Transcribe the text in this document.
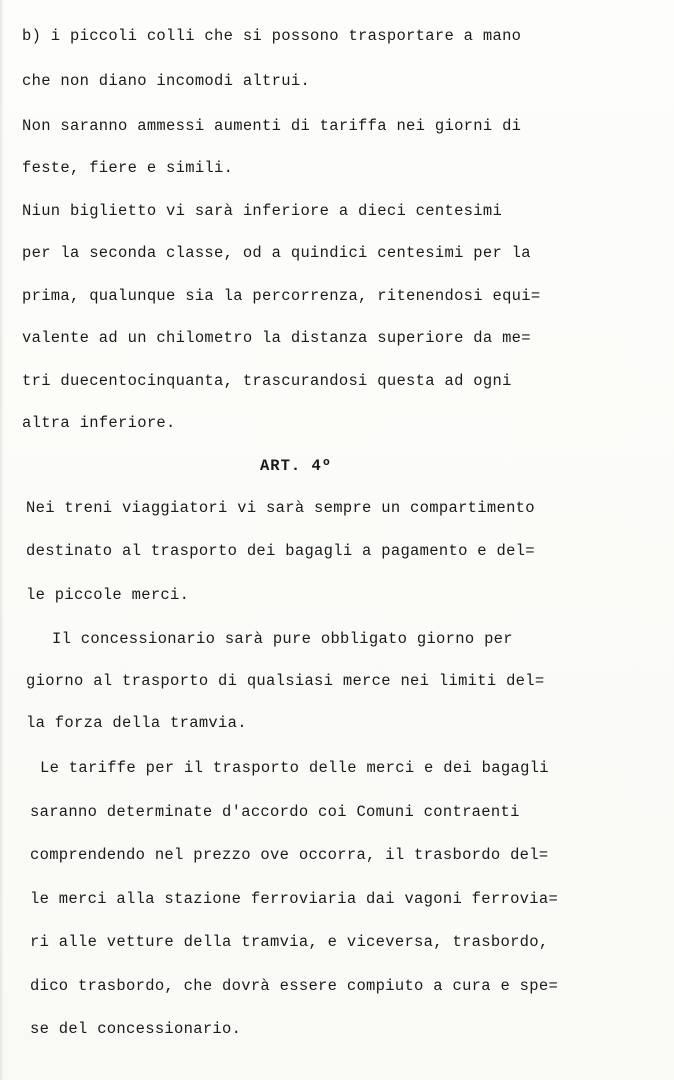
b) i piccoli colli che si possono trasportare a mano
che non diano incomodi altrui.
Non saranno ammessi aumenti di tariffa nei giorni di
feste, fiere e simili.
Niun biglietto vi sarà inferiore a dieci centesimi
per la seconda classe, od a quindici centesimi per la
prima, qualunque sia la percorrenza, ritenendosi equi=
valente ad un chilometro la distanza superiore da me=
tri duecentocinquanta, trascurandosi questa ad ogni
altra inferiore.
ART. 4º
Nei treni viaggiatori vi sarà sempre un compartimento
destinato al trasporto dei bagagli a pagamento e del=
le piccole merci.
Il concessionario sarà pure obbligato giorno per
giorno al trasporto di qualsiasi merce nei limiti del=
la forza della tramvia.
Le tariffe per il trasporto delle merci e dei bagagli
saranno determinate d'accordo coi Comuni contraenti
comprendendo nel prezzo ove occorra, il trasbordo del=
le merci alla stazione ferroviaria dai vagoni ferrovia=
ri alle vetture della tramvia, e viceversa, trasbordo,
dico trasbordo, che dovrà essere compiuto a cura e spe=
se del concessionario.
